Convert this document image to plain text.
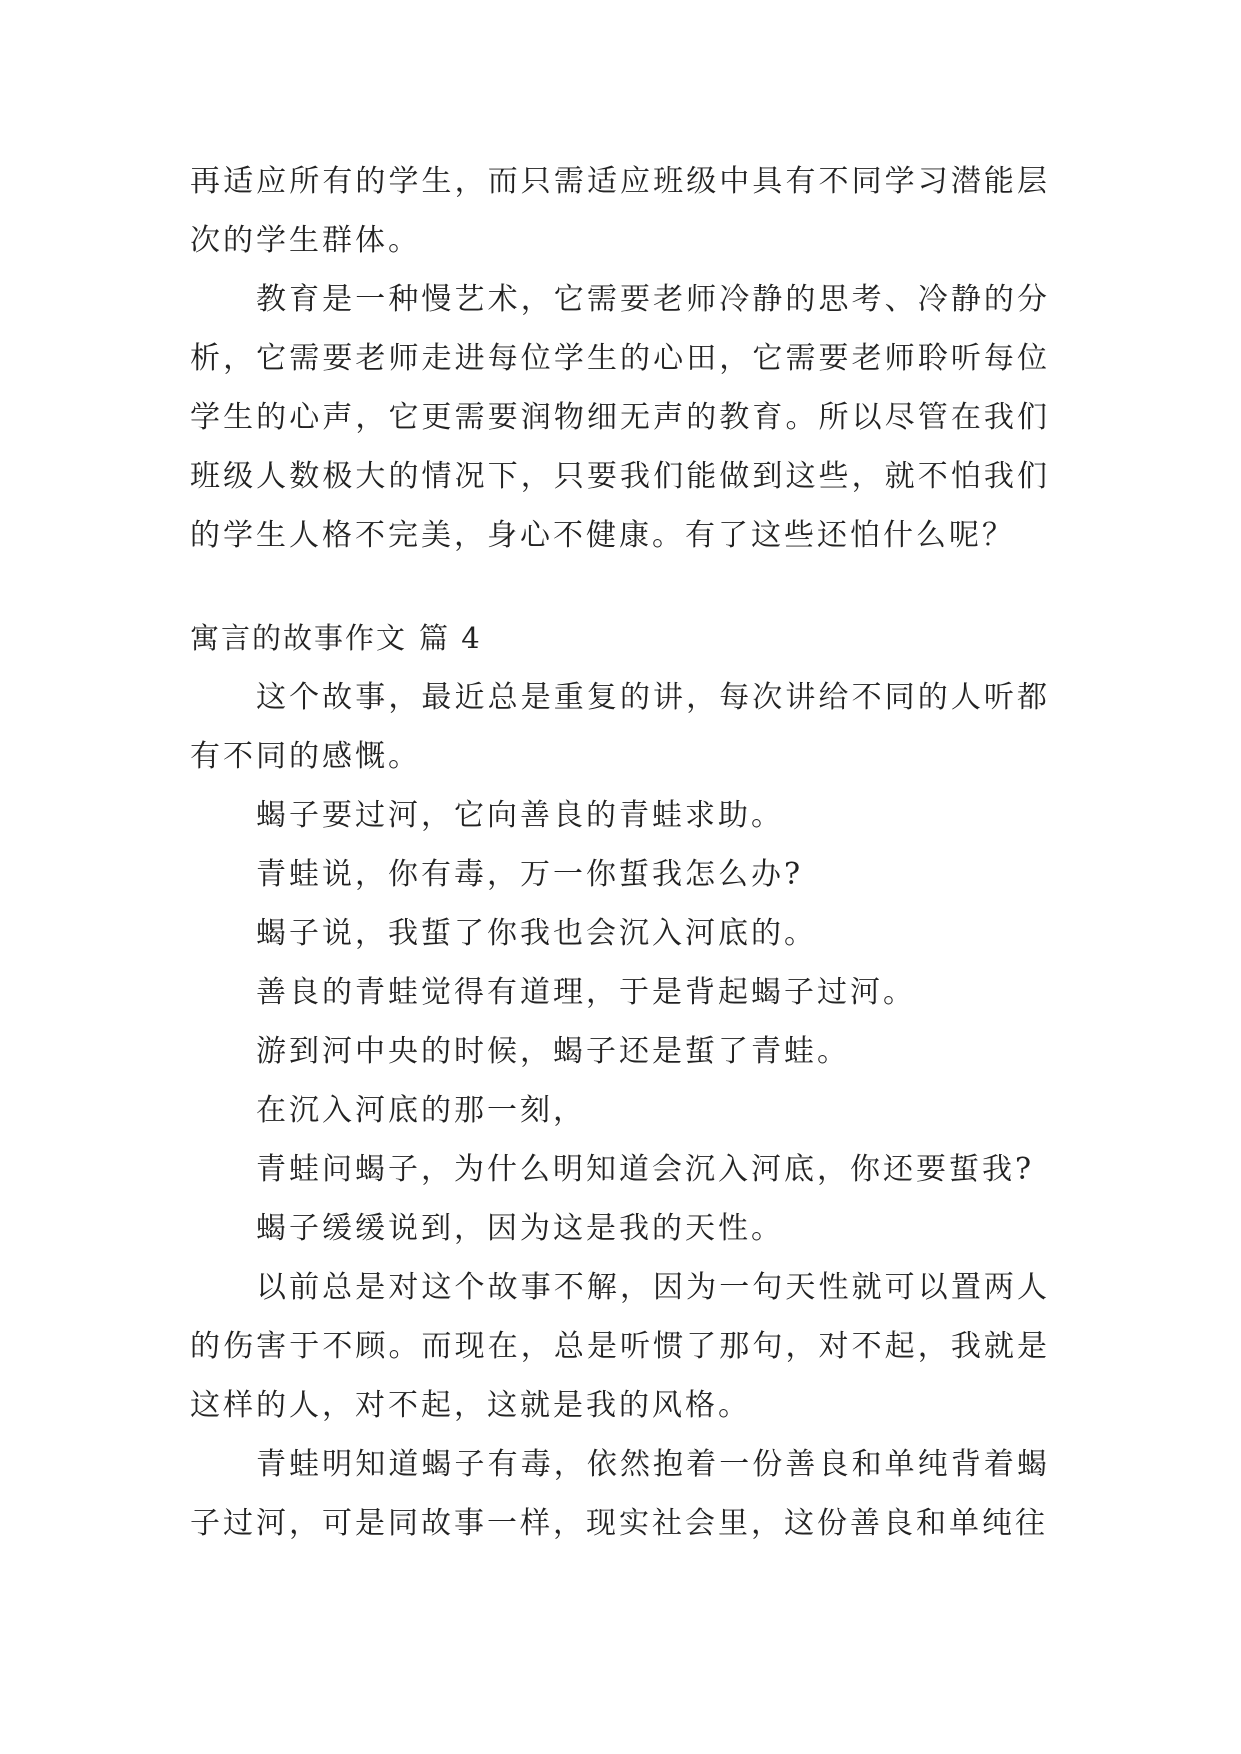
再适应所有的学生，而只需适应班级中具有不同学习潜能层次的学生群体。

教育是一种慢艺术，它需要老师冷静的思考、冷静的分析，它需要老师走进每位学生的心田，它需要老师聆听每位学生的心声，它更需要润物细无声的教育。所以尽管在我们班级人数极大的情况下，只要我们能做到这些，就不怕我们的学生人格不完美，身心不健康。有了这些还怕什么呢？

寓言的故事作文 篇 4

这个故事，最近总是重复的讲，每次讲给不同的人听都有不同的感慨。

蝎子要过河，它向善良的青蛙求助。

青蛙说，你有毒，万一你蜇我怎么办?

蝎子说，我蜇了你我也会沉入河底的。

善良的青蛙觉得有道理，于是背起蝎子过河。

游到河中央的时候，蝎子还是蜇了青蛙。

在沉入河底的那一刻，

青蛙问蝎子，为什么明知道会沉入河底，你还要蜇我?

蝎子缓缓说到，因为这是我的天性。

以前总是对这个故事不解，因为一句天性就可以置两人的伤害于不顾。而现在，总是听惯了那句，对不起，我就是这样的人，对不起，这就是我的风格。

青蛙明知道蝎子有毒，依然抱着一份善良和单纯背着蝎子过河，可是同故事一样，现实社会里，这份善良和单纯往
